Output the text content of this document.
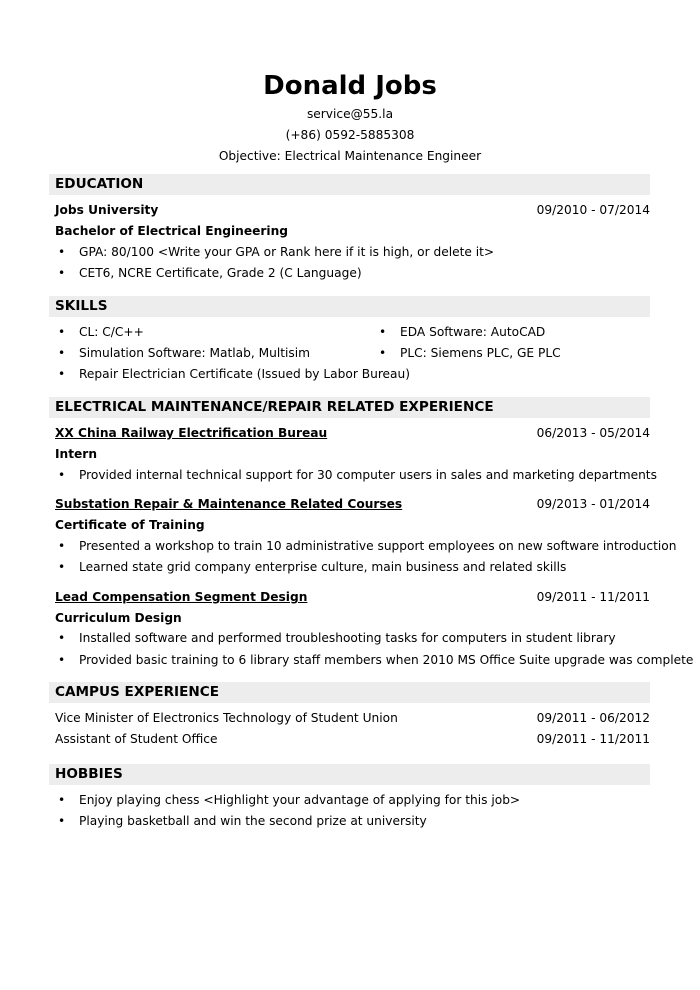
Donald Jobs
service@55.la
(+86) 0592-5885308
Objective: Electrical Maintenance Engineer
EDUCATION
Jobs University	09/2010 - 07/2014
Bachelor of Electrical Engineering
• GPA: 80/100 <Write your GPA or Rank here if it is high, or delete it>
• CET6, NCRE Certificate, Grade 2 (C Language)
SKILLS
• CL: C/C++
• Simulation Software: Matlab, Multisim
• Repair Electrician Certificate (Issued by Labor Bureau)
• EDA Software: AutoCAD
• PLC: Siemens PLC, GE PLC
ELECTRICAL MAINTENANCE/REPAIR RELATED EXPERIENCE
XX China Railway Electrification Bureau	06/2013 - 05/2014
Intern
• Provided internal technical support for 30 computer users in sales and marketing departments
Substation Repair & Maintenance Related Courses	09/2013 - 01/2014
Certificate of Training
• Presented a workshop to train 10 administrative support employees on new software introduction
• Learned state grid company enterprise culture, main business and related skills
Lead Compensation Segment Design	09/2011 - 11/2011
Curriculum Design
• Installed software and performed troubleshooting tasks for computers in student library
• Provided basic training to 6 library staff members when 2010 MS Office Suite upgrade was complete
CAMPUS EXPERIENCE
Vice Minister of Electronics Technology of Student Union	09/2011 - 06/2012
Assistant of Student Office	09/2011 - 11/2011
HOBBIES
• Enjoy playing chess <Highlight your advantage of applying for this job>
• Playing basketball and win the second prize at university
